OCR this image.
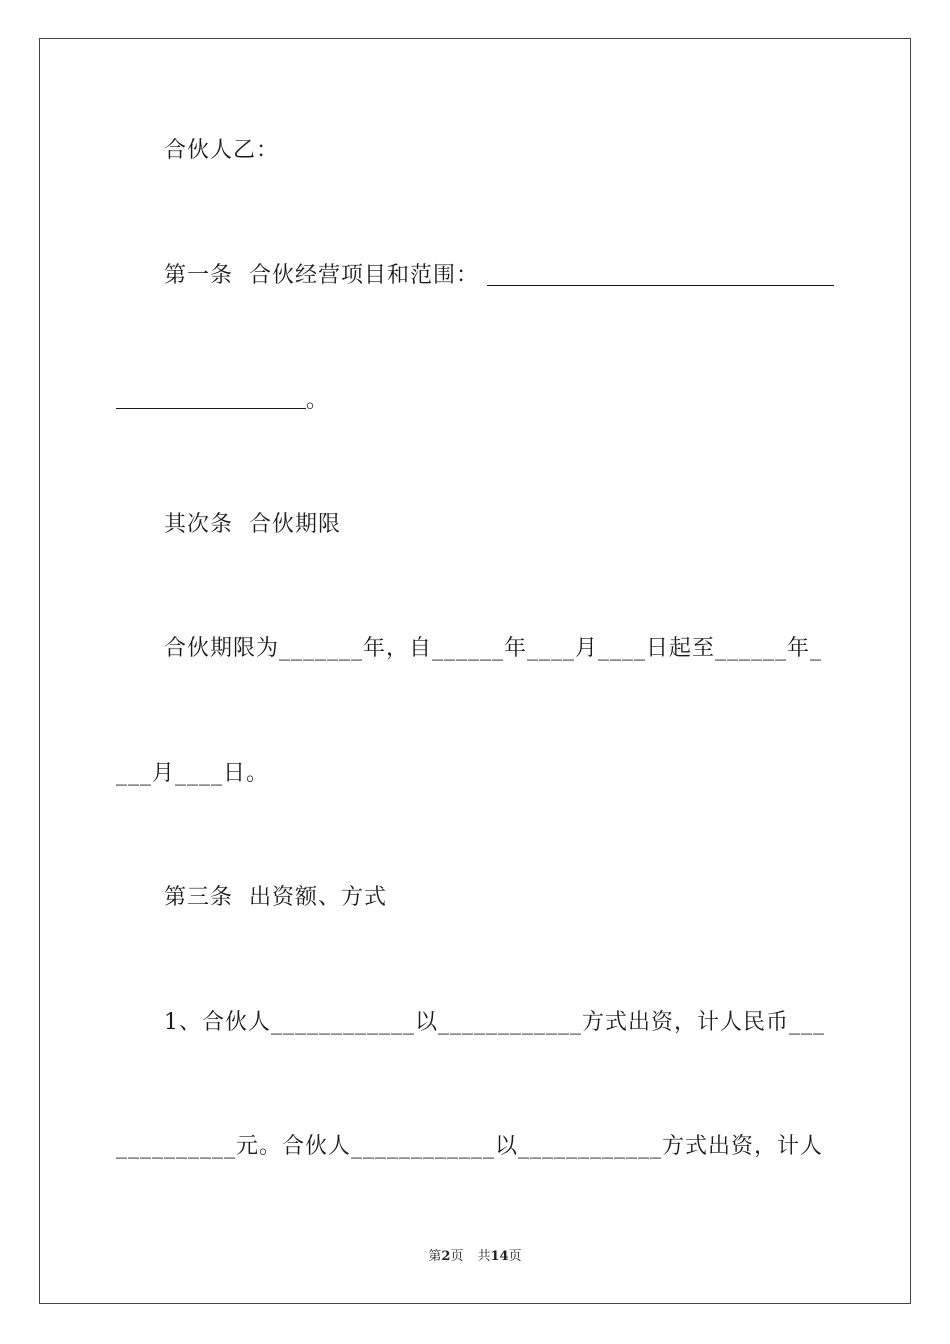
合伙人乙：
第一条  合伙经营项目和范围：
。
其次条  合伙期限
合伙期限为_______年，自______年____月____日起至______年_
___月____日。
第三条  出资额、方式
1、合伙人____________以____________方式出资，计人民币___
__________元。合伙人____________以____________方式出资，计人
第2页 共14页
